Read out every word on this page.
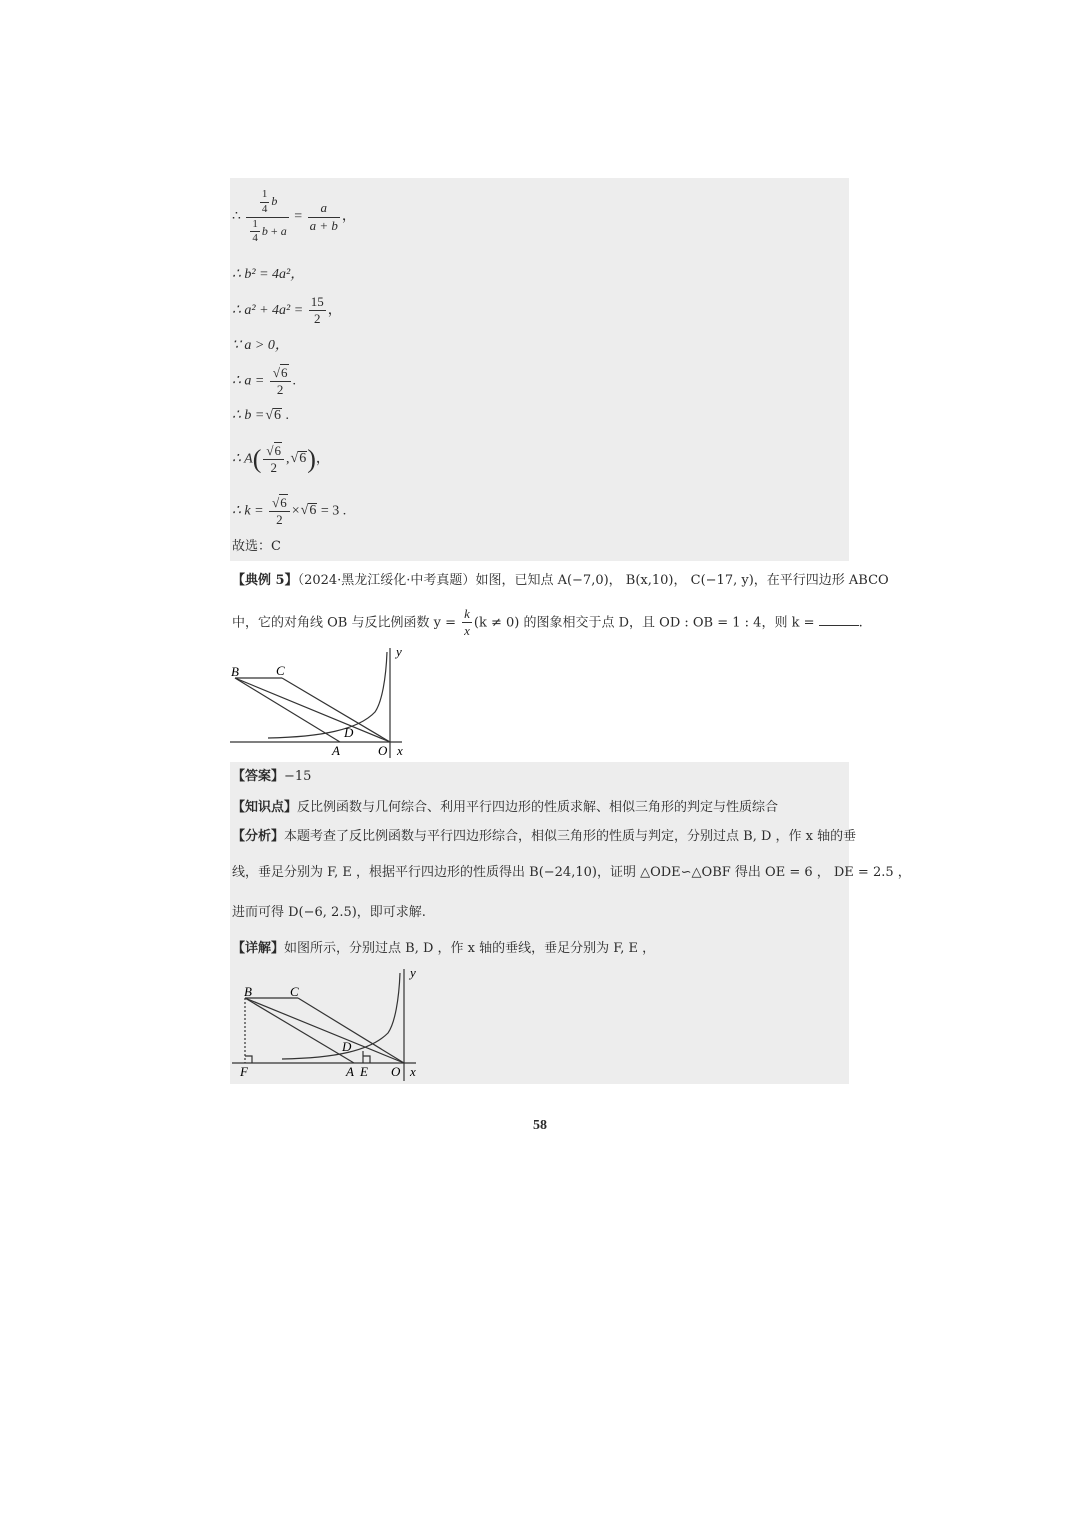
∴ $\frac{\frac{1}{4} b}{\frac{1}{4} b + a} = \frac{a}{a + b}$ ，
∴ b² = 4a²，
∴ $a^2 + 4a^2 = \frac{15}{2}$ ，
∵ a > 0，
∴ $a = \frac{√6}{2}$ .
∴ b =√6 .
∴ $A( \frac{√6}{2} ,√6)$，
∴ $k = \frac{√6}{2} \times√6 = 3$ .
故选：C
【典例 5】（2024·黑龙江绥化·中考真题）如图，已知点 A(−7,0)， B(x,10)， C(−17, y)，在平行四边形 ABCO
中，它的对角线 OB 与反比例函数 $y = \frac{k}{x} (k \ne 0)$ 的图象相交于点 D，且 OD : OB = 1 : 4，则 k =	.
B	C
D
A	O x
y
【答案】−15
【知识点】反比例函数与几何综合、利用平行四边形的性质求解、相似三角形的判定与性质综合
【分析】本题考查了反比例函数与平行四边形综合，相似三角形的性质与判定，分别过点 B, D ，作 x 轴的垂
线，垂足分别为 F, E ，根据平行四边形的性质得出 B(−24,10)，证明 △ODE∽△OBF 得出 OE = 6 ， DE = 2.5 ，
进而可得 D(−6, 2.5)，即可求解.
【详解】如图所示，分别过点 B, D ，作 x 轴的垂线，垂足分别为 F, E ，
B	C
D
F	A E O x
y
58
